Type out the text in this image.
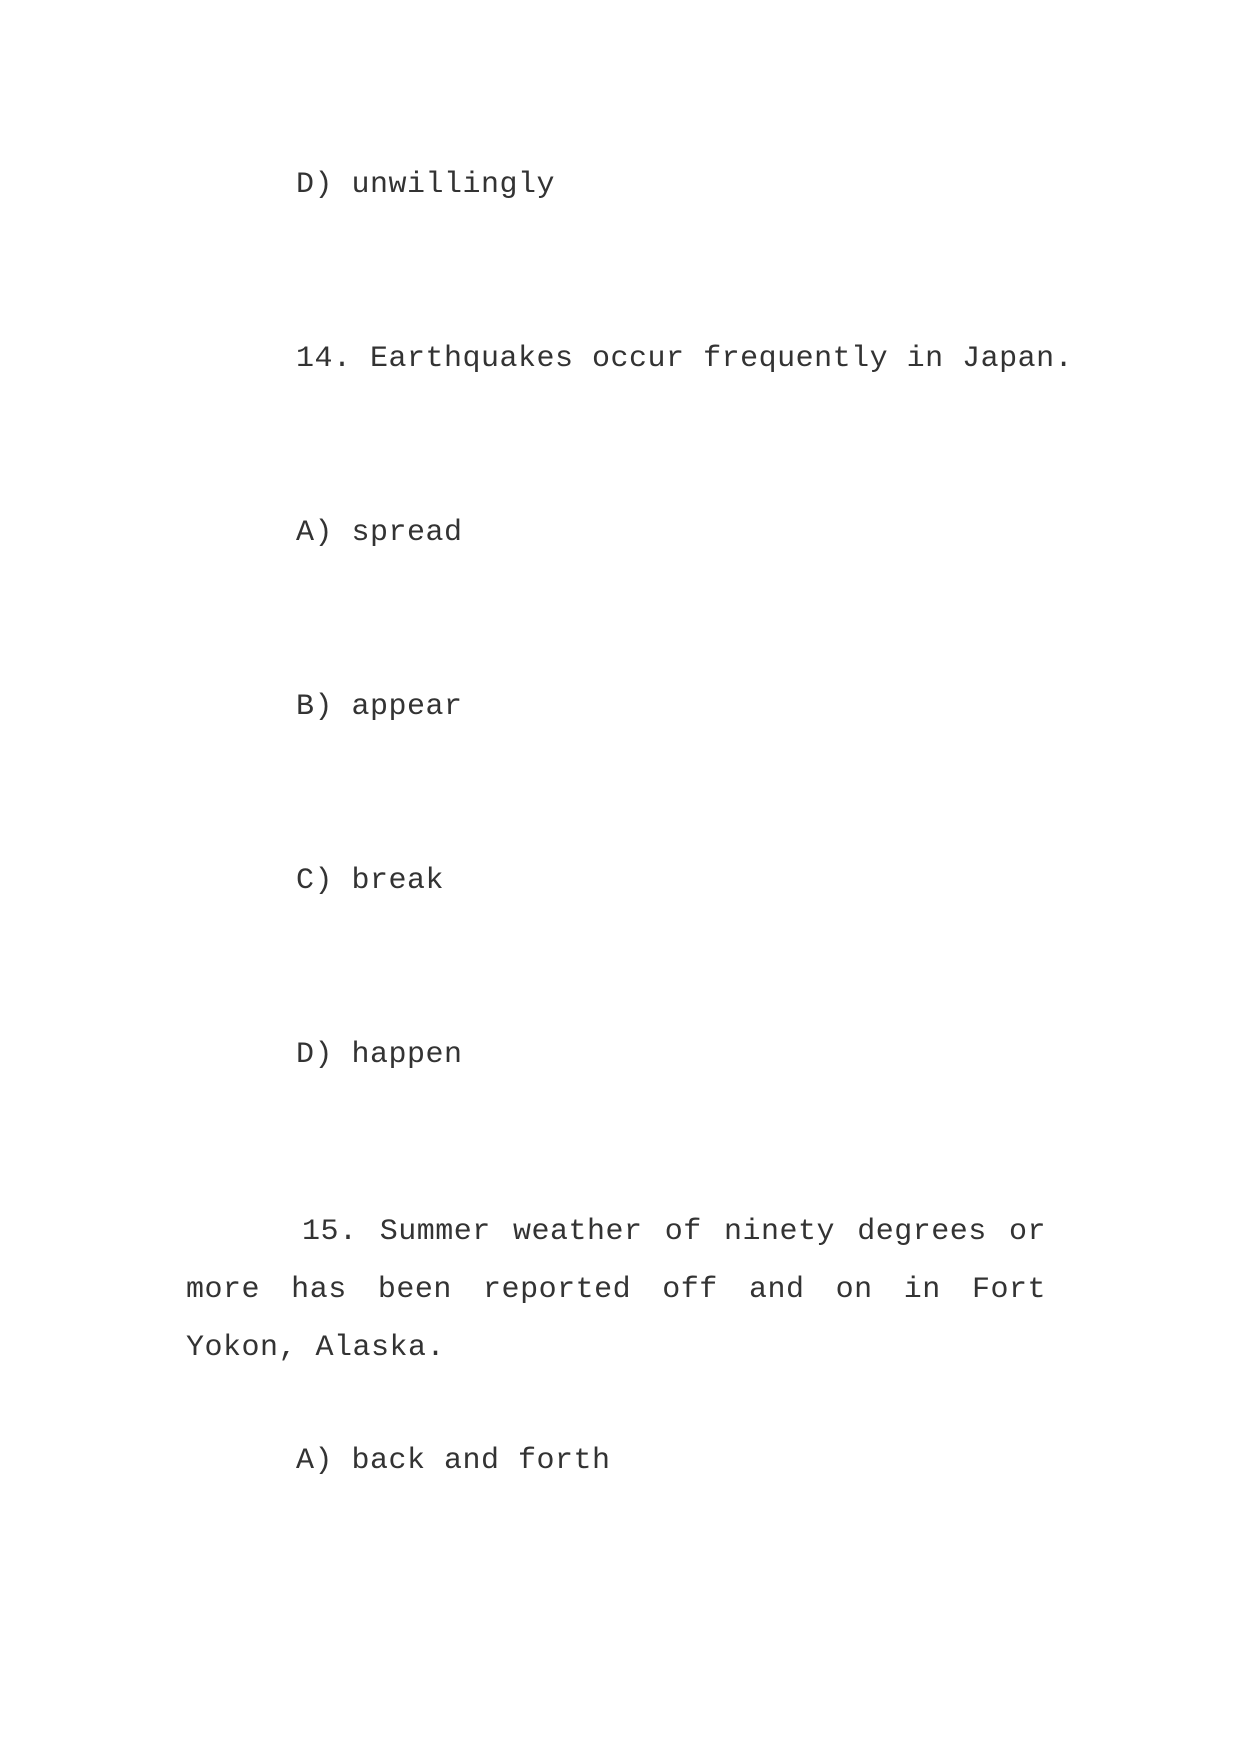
D) unwillingly
14. Earthquakes occur frequently in Japan.
A) spread
B) appear
C) break
D) happen
15. Summer weather of ninety degrees or more has been reported off and on in Fort Yokon, Alaska.
A) back and forth
